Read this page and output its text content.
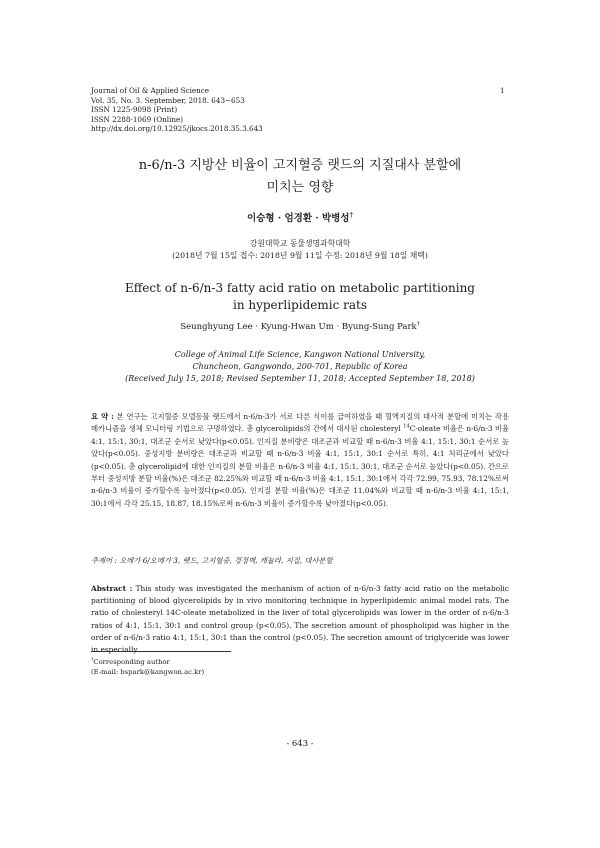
Journal of Oil & Applied Science
Vol. 35, No. 3. September, 2018. 643~653
ISSN 1225-9098 (Print)
ISSN 2288-1069 (Online)
http://dx.doi.org/10.12925/jkocs.2018.35.3.643
1
n-6/n-3 지방산 비율이 고지혈증 랫드의 지질대사 분할에
미치는 영향
이승형 · 엄경환 · 박병성†
강원대학교 동물생명과학대학
(2018년 7월 15일 접수: 2018년 9월 11일 수정: 2018년 9월 18일 채택)
Effect of n-6/n-3 fatty acid ratio on metabolic partitioning
in hyperlipidemic rats
Seunghyung Lee · Kyung-Hwan Um · Byung-Sung Park†
College of Animal Life Science, Kangwon National University,
Chuncheon, Gangwondo, 200-701, Republic of Korea
(Received July 15, 2018; Revised September 11, 2018; Accepted September 18, 2018)
요 약 : 본 연구는 고지혈증 모델동물 랫드에서 n-6/n-3가 서로 다른 식이를 급여하였을 때 혈액지질의 대사적 분할에 미치는 작용 메카니즘을 생체 모니터링 기법으로 구명하였다. 총 glycerolipids의 간에서 대사된 cholesteryl $^{14}$C-oleate 비율은 n-6/n-3 비율 4:1, 15:1, 30:1, 대조군 순서로 낮았다(p<0.05). 인지질 분비량은 대조군과 비교할 때 n-6/n-3 비율 4:1, 15:1, 30:1 순서로 높았다(p<0.05). 중성지방 분비량은 대조군과 비교할 때 n-6/n-3 비율 4:1, 15:1, 30:1 순서로 특히, 4:1 처리군에서 낮았다(p<0.05). 총 glycerolipid에 대한 인지질의 분할 비율은 n-6/n-3 비율 4:1, 15:1, 30:1, 대조군 순서로 높았다(p<0.05). 간으로부터 중성지방 분할 비율(%)은 대조군 82.25%와 비교할 때 n-6/n-3 비율 4:1, 15:1, 30:1에서 각각 72.99, 75.93, 78.12%로써 n-6/n-3 비율이 증가할수록 높아졌다(p<0.05). 인지질 분할 비율(%)은 대조군 11.04%와 비교할 때 n-6/n-3 비율 4:1, 15:1, 30:1에서 각각 25.15, 18.87, 18.15%로써 n-6/n-3 비율이 증가할수록 낮아졌다(p<0.05).
주제어 : 오메가 6/오메가 3, 랫드, 고지혈증, 경정맥, 캐뉼라, 지질, 대사분할
Abstract : This study was investigated the mechanism of action of n-6/n-3 fatty acid ratio on the metabolic partitioning of blood glycerolipids by in vivo monitoring technique in hyperlipidemic animal model rats. The ratio of cholesteryl 14C-oleate metabolized in the liver of total glycerolipids was lower in the order of n-6/n-3 ratios of 4:1, 15:1, 30:1 and control group (p<0.05). The secretion amount of phospholipid was higher in the order of n-6/n-3 ratio 4:1, 15:1, 30:1 than the control (p<0.05). The secretion amount of triglyceride was lower in especially
†Corresponding author
(E-mail: bspark@kangwon.ac.kr)
- 643 -
